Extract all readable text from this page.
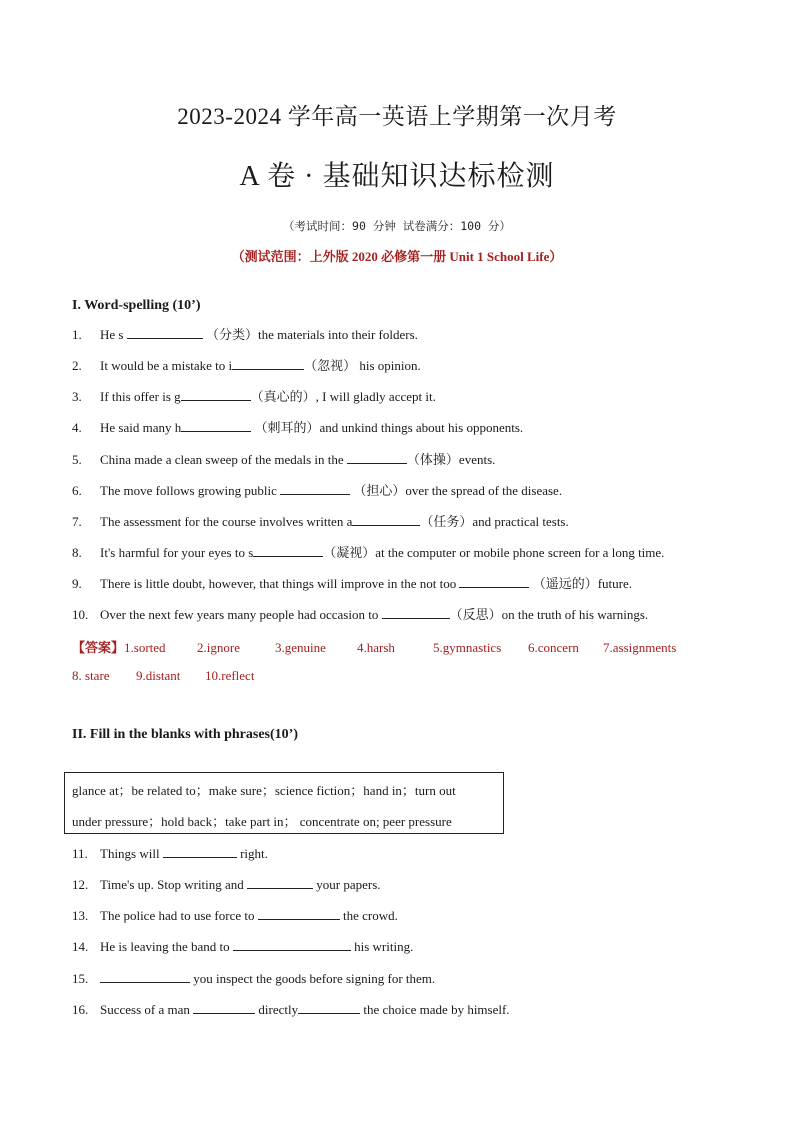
2023-2024 学年高一英语上学期第一次月考
A 卷 · 基础知识达标检测
（考试时间：90 分钟 试卷满分：100 分）
（测试范围：上外版 2020 必修第一册 Unit 1 School Life）
I. Word-spelling (10’)
1. He s	（分类）the materials into their folders.
2. It would be a mistake to i	（忽视） his opinion.
3. If this offer is g	（真心的）, I will gladly accept it.
4. He said many h	（刺耳的）and unkind things about his opponents.
5. China made a clean sweep of the medals in the	（体操）events.
6. The move follows growing public	（担心）over the spread of the disease.
7. The assessment for the course involves written a	（任务）and practical tests.
8. It's harmful for your eyes to s	（凝视）at the computer or mobile phone screen for a long time.
9. There is little doubt, however, that things will improve in the not too	（遥远的）future.
10. Over the next few years many people had occasion to	（反思）on the truth of his warnings.
【答案】1.sorted 2.ignore	3.genuine 4.harsh	5.gymnastics 6.concern 7.assignments
8. stare 9.distant 10.reflect
II. Fill in the blanks with phrases(10’)
glance at；be related to；make sure；science fiction；hand in；turn out
under pressure；hold back；take part in； concentrate on; peer pressure
11. Things will	right.
12. Time's up. Stop writing and	your papers.
13. The police had to use force to	the crowd.
14. He is leaving the band to	his writing.
15.	you inspect the goods before signing for them.
16. Success of a man	directly	the choice made by himself.
